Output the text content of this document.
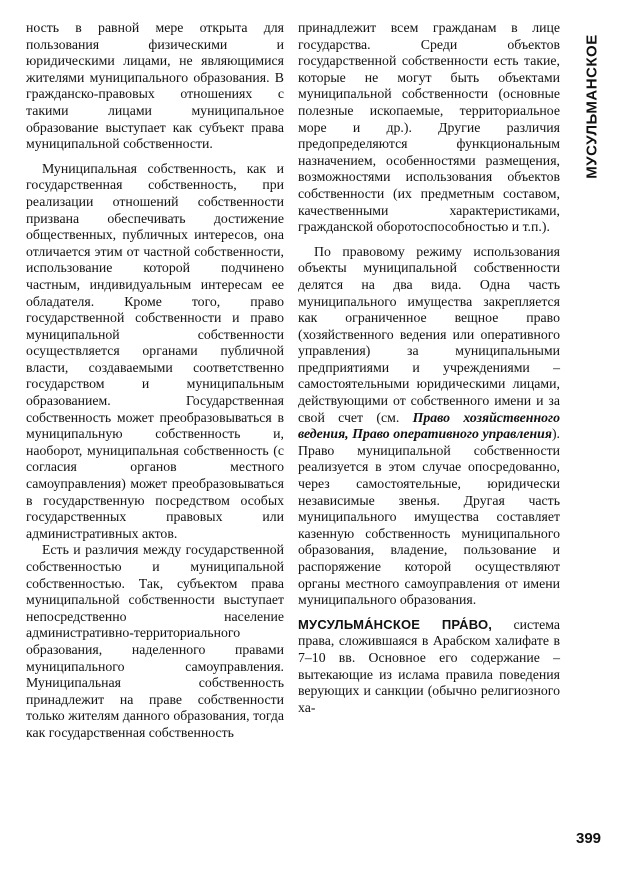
ность в равной мере открыта для пользования физическими и юридическими лицами, не являющимися жителями муниципального образования. В гражданско-правовых отношениях с такими лицами муниципальное образование выступает как субъект права муниципальной собственности.

Муниципальная собственность, как и государственная собственность, при реализации отношений собственности призвана обеспечивать достижение общественных, публичных интересов, она отличается этим от частной собственности, использование которой подчинено частным, индивидуальным интересам ее обладателя. Кроме того, право государственной собственности и право муниципальной собственности осуществляется органами публичной власти, создаваемыми соответственно государством и муниципальным образованием. Государственная собственность может преобразовываться в муниципальную собственность и, наоборот, муниципальная собственность (с согласия органов местного самоуправления) может преобразовываться в государственную посредством особых государственных правовых или административных актов.

Есть и различия между государственной собственностью и муниципальной собственностью. Так, субъектом права муниципальной собственности выступает непосредственно население административно-территориального образования, наделенного правами муниципального самоуправления. Муниципальная собственность принадлежит на праве собственности только жителям данного образования, тогда как государственная собственность

принадлежит всем гражданам в лице государства. Среди объектов государственной собственности есть такие, которые не могут быть объектами муниципальной собственности (основные полезные ископаемые, территориальное море и др.). Другие различия предопределяются функциональным назначением, особенностями размещения, возможностями использования объектов собственности (их предметным составом, качественными характеристиками, гражданской оборотоспособностью и т.п.).

По правовому режиму использования объекты муниципальной собственности делятся на два вида. Одна часть муниципального имущества закрепляется как ограниченное вещное право (хозяйственного ведения или оперативного управления) за муниципальными предприятиями и учреждениями – самостоятельными юридическими лицами, действующими от собственного имени и за свой счет (см. Право хозяйственного ведения, Право оперативного управления). Право муниципальной собственности реализуется в этом случае опосредованно, через самостоятельные, юридически независимые звенья. Другая часть муниципального имущества составляет казенную собственность муниципального образования, владение, пользование и распоряжение которой осуществляют органы местного самоуправления от имени муниципального образования.

МУСУЛЬМА́НСКОЕ ПРА́ВО, система права, сложившаяся в Арабском халифате в 7–10 вв. Основное его содержание – вытекающие из ислама правила поведения верующих и санкции (обычно религиозного ха-

МУСУЛЬМАНСКОЕ
399
